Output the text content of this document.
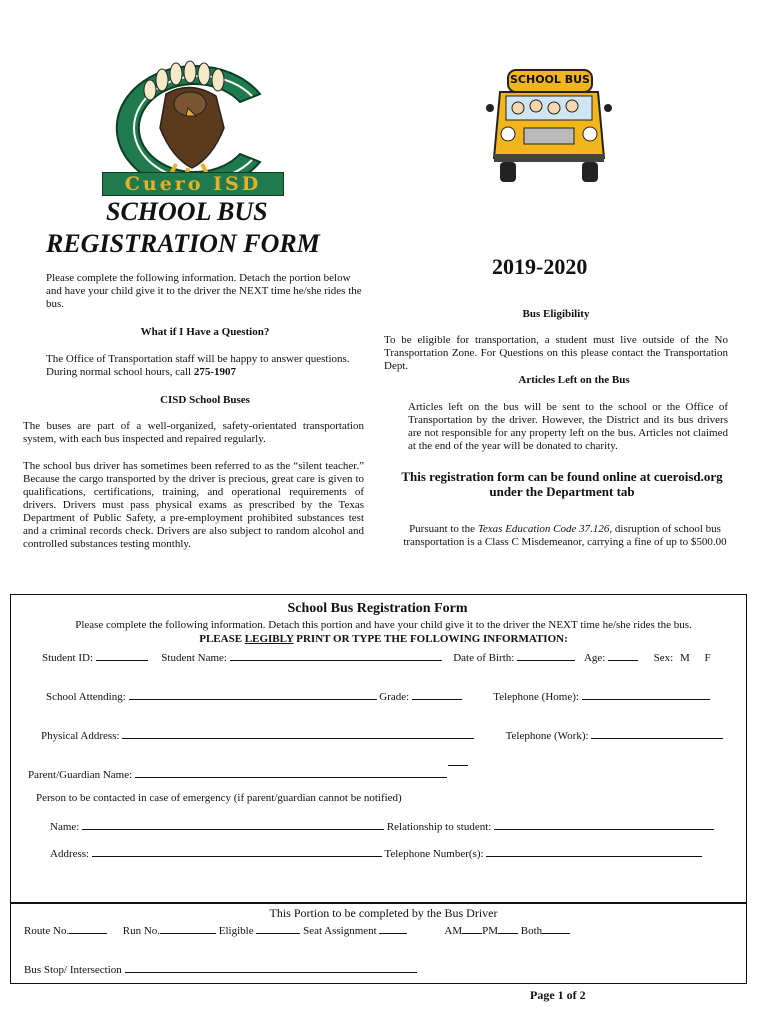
Cuero ISD
SCHOOL BUS
SCHOOL BUS
REGISTRATION FORM
2019-2020
Please complete the following information. Detach the portion below and have your child give it to the driver the NEXT time he/she rides the bus.
What if I Have a Question?
The Office of Transportation staff will be happy to answer questions. During normal school hours, call 275-1907
CISD School Buses
The buses are part of a well-organized, safety-orientated transportation system, with each bus inspected and repaired regularly.
The school bus driver has sometimes been referred to as the “silent teacher.” Because the cargo transported by the driver is precious, great care is given to qualifications, certifications, training, and operational requirements of drivers. Drivers must pass physical exams as prescribed by the Texas Department of Public Safety, a pre-employment prohibited substances test and a criminal records check. Drivers are also subject to random alcohol and controlled substances testing monthly.
Bus Eligibility
To be eligible for transportation, a student must live outside of the No Transportation Zone. For Questions on this please contact the Transportation Dept.
Articles Left on the Bus
Articles left on the bus will be sent to the school or the Office of Transportation by the driver. However, the District and its bus drivers are not responsible for any property left on the bus. Articles not claimed at the end of the year will be donated to charity.
This registration form can be found online at cueroisd.org under the Department tab
Pursuant to the Texas Education Code 37.126, disruption of school bus transportation is a Class C Misdemeanor, carrying a fine of up to $500.00
School Bus Registration Form
Please complete the following information. Detach this portion and have your child give it to the driver the NEXT time he/she rides the bus.
PLEASE LEGIBLY PRINT OR TYPE THE FOLLOWING INFORMATION:
Student ID:	Student Name:	Date of Birth:	Age:	Sex: M F
School Attending:	Grade:	Telephone (Home):
Physical Address:	Telephone (Work):
Parent/Guardian Name:
Person to be contacted in case of emergency (if parent/guardian cannot be notified)
Name:	Relationship to student:
Address:	Telephone Number(s):
This Portion to be completed by the Bus Driver
Route No.	Run No.	Eligible	Seat Assignment	AM PM Both
Bus Stop/ Intersection
Page 1 of 2
